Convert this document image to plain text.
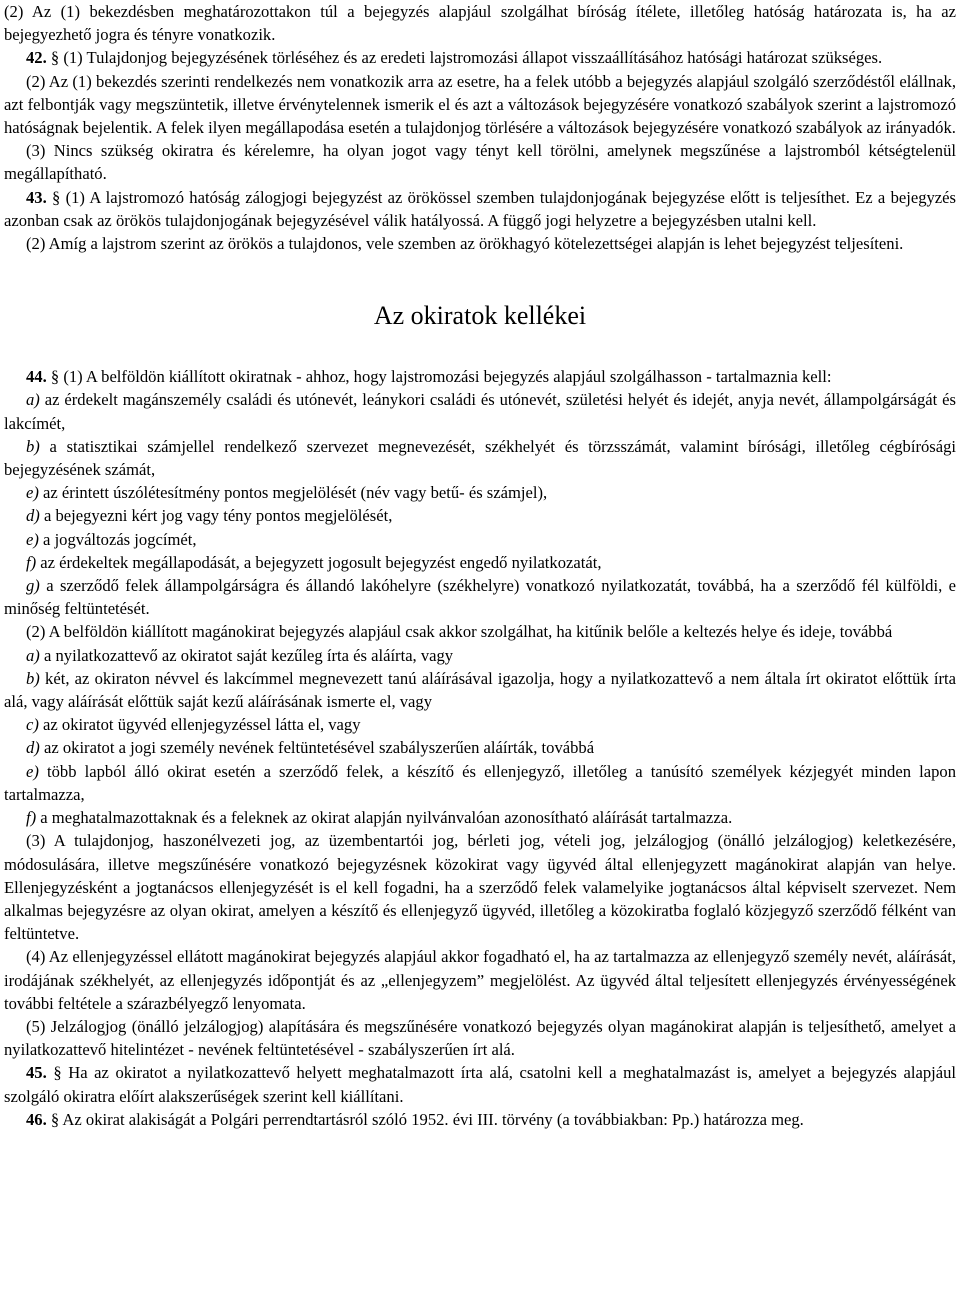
(2) Az (1) bekezdésben meghatározottakon túl a bejegyzés alapjául szolgálhat bíróság ítélete, illetőleg hatóság határozata is, ha az bejegyezhető jogra és tényre vonatkozik.

42. § (1) Tulajdonjog bejegyzésének törléséhez és az eredeti lajstromozási állapot visszaállításához hatósági határozat szükséges.

(2) Az (1) bekezdés szerinti rendelkezés nem vonatkozik arra az esetre, ha a felek utóbb a bejegyzés alapjául szolgáló szerződéstől elállnak, azt felbontják vagy megszüntetik, illetve érvénytelennek ismerik el és azt a változások bejegyzésére vonatkozó szabályok szerint a lajstromozó hatóságnak bejelentik. A felek ilyen megállapodása esetén a tulajdonjog törlésére a változások bejegyzésére vonatkozó szabályok az irányadók.

(3) Nincs szükség okiratra és kérelemre, ha olyan jogot vagy tényt kell törölni, amelynek megszűnése a lajstromból kétségtelenül megállapítható.

43. § (1) A lajstromozó hatóság zálogjogi bejegyzést az örökössel szemben tulajdonjogának bejegyzése előtt is teljesíthet. Ez a bejegyzés azonban csak az örökös tulajdonjogának bejegyzésével válik hatályossá. A függő jogi helyzetre a bejegyzésben utalni kell.

(2) Amíg a lajstrom szerint az örökös a tulajdonos, vele szemben az örökhagyó kötelezettségei alapján is lehet bejegyzést teljesíteni.

Az okiratok kellékei

44. § (1) A belföldön kiállított okiratnak - ahhoz, hogy lajstromozási bejegyzés alapjául szolgálhasson - tartalmaznia kell:

a) az érdekelt magánszemély családi és utónevét, leánykori családi és utónevét, születési helyét és idejét, anyja nevét, állampolgárságát és lakcímét,

b) a statisztikai számjellel rendelkező szervezet megnevezését, székhelyét és törzsszámát, valamint bírósági, illetőleg cégbírósági bejegyzésének számát,

e) az érintett úszólétesítmény pontos megjelölését (név vagy betű- és számjel),

d) a bejegyezni kért jog vagy tény pontos megjelölését,

e) a jogváltozás jogcímét,

f) az érdekeltek megállapodását, a bejegyzett jogosult bejegyzést engedő nyilatkozatát,

g) a szerződő felek állampolgárságra és állandó lakóhelyre (székhelyre) vonatkozó nyilatkozatát, továbbá, ha a szerződő fél külföldi, e minőség feltüntetését.

(2) A belföldön kiállított magánokirat bejegyzés alapjául csak akkor szolgálhat, ha kitűnik belőle a keltezés helye és ideje, továbbá

a) a nyilatkozattevő az okiratot saját kezűleg írta és aláírta, vagy

b) két, az okiraton névvel és lakcímmel megnevezett tanú aláírásával igazolja, hogy a nyilatkozattevő a nem általa írt okiratot előttük írta alá, vagy aláírását előttük saját kezű aláírásának ismerte el, vagy

c) az okiratot ügyvéd ellenjegyzéssel látta el, vagy

d) az okiratot a jogi személy nevének feltüntetésével szabályszerűen aláírták, továbbá

e) több lapból álló okirat esetén a szerződő felek, a készítő és ellenjegyző, illetőleg a tanúsító személyek kézjegyét minden lapon tartalmazza,

f) a meghatalmazottaknak és a feleknek az okirat alapján nyilvánvalóan azonosítható aláírását tartalmazza.

(3) A tulajdonjog, haszonélvezeti jog, az üzembentartói jog, bérleti jog, vételi jog, jelzálogjog (önálló jelzálogjog) keletkezésére, módosulására, illetve megszűnésére vonatkozó bejegyzésnek közokirat vagy ügyvéd által ellenjegyzett magánokirat alapján van helye. Ellenjegyzésként a jogtanácsos ellenjegyzését is el kell fogadni, ha a szerződő felek valamelyike jogtanácsos által képviselt szervezet. Nem alkalmas bejegyzésre az olyan okirat, amelyen a készítő és ellenjegyző ügyvéd, illetőleg a közokiratba foglaló közjegyző szerződő félként van feltüntetve.

(4) Az ellenjegyzéssel ellátott magánokirat bejegyzés alapjául akkor fogadható el, ha az tartalmazza az ellenjegyző személy nevét, aláírását, irodájának székhelyét, az ellenjegyzés időpontját és az „ellenjegyzem” megjelölést. Az ügyvéd által teljesített ellenjegyzés érvényességének további feltétele a szárazbélyegző lenyomata.

(5) Jelzálogjog (önálló jelzálogjog) alapítására és megszűnésére vonatkozó bejegyzés olyan magánokirat alapján is teljesíthető, amelyet a nyilatkozattevő hitelintézet - nevének feltüntetésével - szabályszerűen írt alá.

45. § Ha az okiratot a nyilatkozattevő helyett meghatalmazott írta alá, csatolni kell a meghatalmazást is, amelyet a bejegyzés alapjául szolgáló okiratra előírt alakszerűségek szerint kell kiállítani.

46. § Az okirat alakiságát a Polgári perrendtartásról szóló 1952. évi III. törvény (a továbbiakban: Pp.) határozza meg.
